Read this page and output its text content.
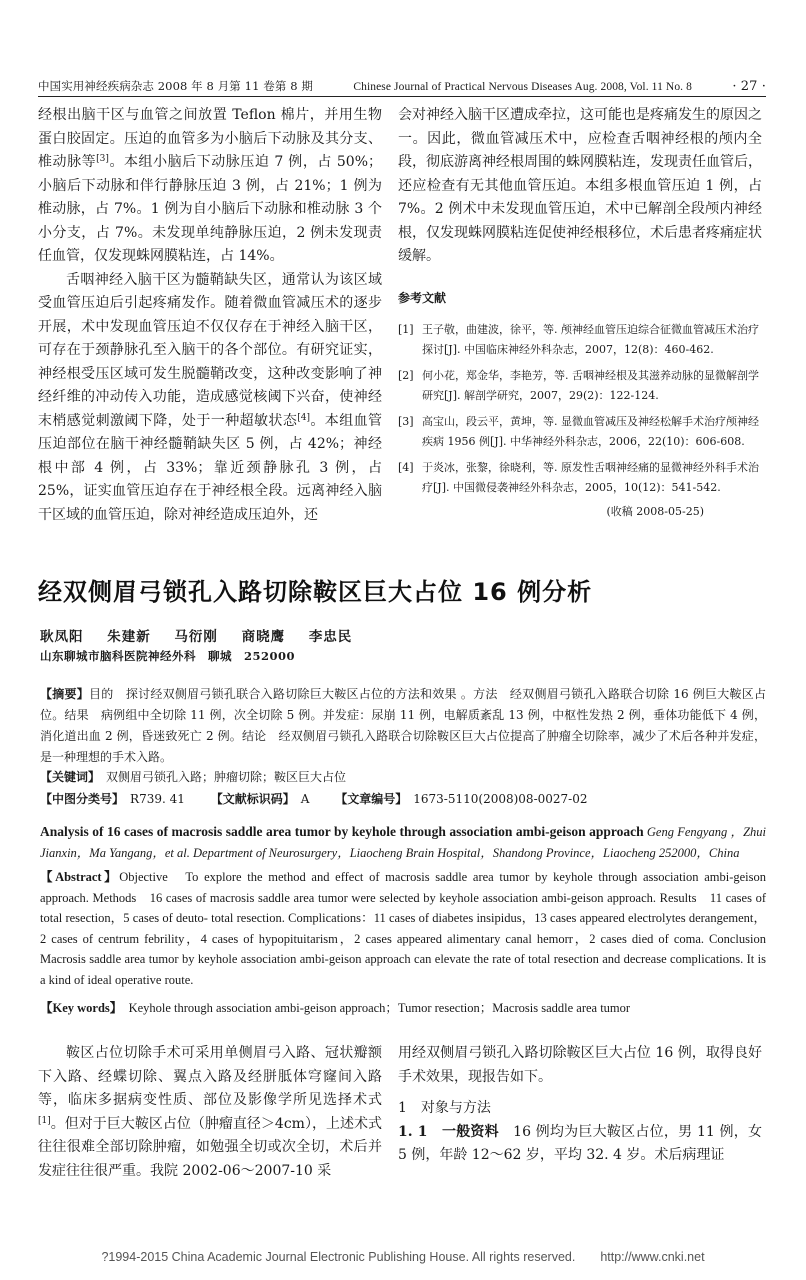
中国实用神经疾病杂志 2008 年 8 月第 11 卷第 8 期	Chinese Journal of Practical Nervous Diseases Aug. 2008, Vol. 11 No. 8	· 27 ·

经根出脑干区与血管之间放置 Teflon 棉片，并用生物蛋白胶固定。压迫的血管多为小脑后下动脉及其分支、椎动脉等[3]。本组小脑后下动脉压迫 7 例，占 50%；小脑后下动脉和伴行静脉压迫 3 例，占 21%；1 例为椎动脉，占 7%。1 例为自小脑后下动脉和椎动脉 3 个小分支，占 7%。未发现单纯静脉压迫，2 例未发现责任血管，仅发现蛛网膜粘连，占 14%。

舌咽神经入脑干区为髓鞘缺失区，通常认为该区域受血管压迫后引起疼痛发作。随着微血管减压术的逐步开展，术中发现血管压迫不仅仅存在于神经入脑干区，可存在于颈静脉孔至入脑干的各个部位。有研究证实，神经根受压区域可发生脱髓鞘改变，这种改变影响了神经纤维的冲动传入功能，造成感觉核阈下兴奋，使神经末梢感觉刺激阈下降，处于一种超敏状态[4]。本组血管压迫部位在脑干神经髓鞘缺失区 5 例，占 42%；神经根中部 4 例，占 33%；靠近颈静脉孔 3 例，占 25%，证实血管压迫存在于神经根全段。远离神经入脑干区域的血管压迫，除对神经造成压迫外，还

会对神经入脑干区遭成牵拉，这可能也是疼痛发生的原因之一。因此，微血管减压术中，应检查舌咽神经根的颅内全段，彻底游离神经根周围的蛛网膜粘连，发现责任血管后，还应检查有无其他血管压迫。本组多根血管压迫 1 例，占 7%。2 例术中未发现血管压迫，术中已解剖全段颅内神经根，仅发现蛛网膜粘连促使神经根移位，术后患者疼痛症状缓解。

参考文献

[1] 王子敬，曲建波，徐平，等. 颅神经血管压迫综合征微血管减压术治疗探讨[J]. 中国临床神经外科杂志，2007，12(8)：460-462.
[2] 何小花，郑金华，李艳芳，等. 舌咽神经根及其滋养动脉的显微解剖学研究[J]. 解剖学研究，2007，29(2)：122-124.
[3] 高宝山，段云平，黄坤，等. 显微血管减压及神经松解手术治疗颅神经疾病 1956 例[J]. 中华神经外科杂志，2006，22(10)：606-608.
[4] 于炎冰，张黎，徐晓利，等. 原发性舌咽神经痛的显微神经外科手术治疗[J]. 中国微侵袭神经外科杂志，2005，10(12)：541-542.
(收稿 2008-05-25)
经双侧眉弓锁孔入路切除鞍区巨大占位 16 例分析
耿凤阳 朱建新 马衍刚 商晓鹰 李忠民
山东聊城市脑科医院神经外科　聊城　252000
【摘要】目的　探讨经双侧眉弓锁孔联合入路切除巨大鞍区占位的方法和效果 。方法　经双侧眉弓锁孔入路联合切除 16 例巨大鞍区占位。结果　病例组中全切除 11 例，次全切除 5 例。并发症：尿崩 11 例，电解质紊乱 13 例，中枢性发热 2 例，垂体功能低下 4 例，消化道出血 2 例，昏迷致死亡 2 例。结论　经双侧眉弓锁孔入路联合切除鞍区巨大占位提高了肿瘤全切除率，减少了术后各种并发症，是一种理想的手术入路。

【关键词】　 双侧眉弓锁孔入路；肿瘤切除；鞍区巨大占位

【中图分类号】　 R739. 41 【文献标识码】　 A 【文章编号】　 1673-5110(2008)08-0027-02

Analysis of 16 cases of macrosis saddle area tumor by keyhole through association ambi-geison approach Geng Fengyang ，Zhui Jianxin，Ma Yangang，et al. Department of Neurosurgery，Liaocheng Brain Hospital，Shandong Province，Liaocheng 252000，China
【Abstract】Objective　To explore the method and effect of macrosis saddle area tumor by keyhole through association ambi-geison approach. Methods　16 cases of macrosis saddle area tumor were selected by keyhole association ambi-geison approach. Results　11 cases of total resection，5 cases of deuto- total resection. Complications：11 cases of diabetes insipidus，13 cases appeared electrolytes derangement，2 cases of centrum febrility，4 cases of hypopituitarism，2 cases appeared alimentary canal hemorr，2 cases died of coma. Conclusion　Macrosis saddle area tumor by keyhole association ambi-geison approach can elevate the rate of total resection and decrease complications. It is a kind of ideal operative route.
【Key words】　 Keyhole through association ambi-geison approach；Tumor resection；Macrosis saddle area tumor

鞍区占位切除手术可采用单侧眉弓入路、冠状瓣额下入路、经蝶切除、翼点入路及经胼胝体穹窿间入路等，临床多据病变性质、部位及影像学所见选择术式[1]。但对于巨大鞍区占位（肿瘤直径＞4cm），上述术式往往很难全部切除肿瘤，如勉强全切或次全切，术后并发症往往很严重。我院 2002-06～2007-10 采

用经双侧眉弓锁孔入路切除鞍区巨大占位 16 例，取得良好手术效果，现报告如下。

1　对象与方法

1. 1　一般资料　 16 例均为巨大鞍区占位，男 11 例，女 5 例，年龄 12～62 岁，平均 32. 4 岁。术后病理证

?1994-2015 China Academic Journal Electronic Publishing House. All rights reserved.　　http://www.cnki.net
